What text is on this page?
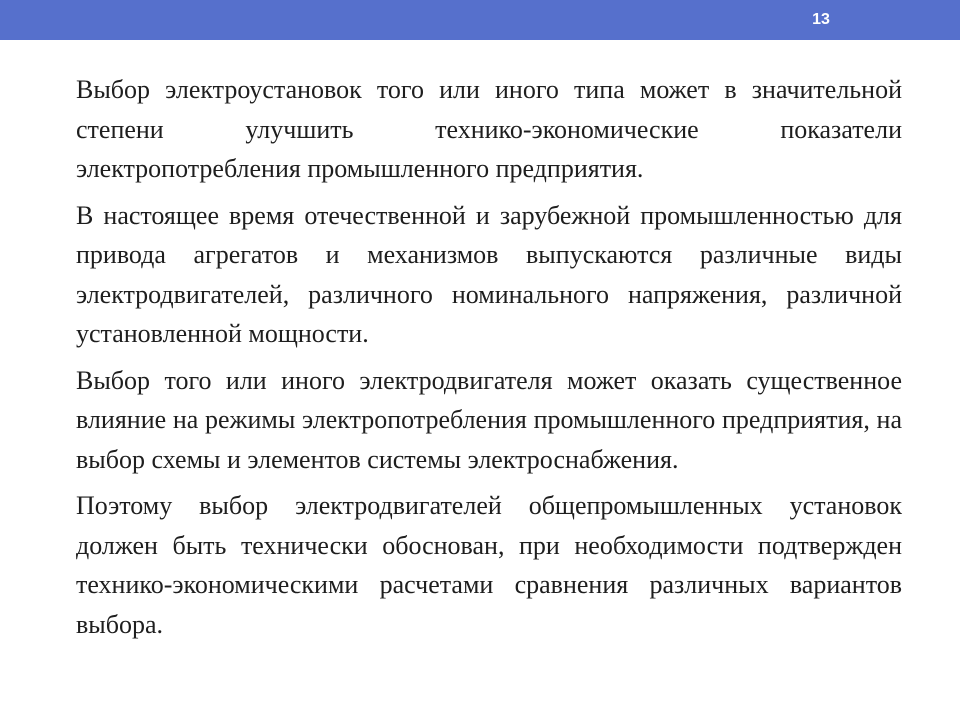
13

Выбор электроустановок того или иного типа может в значительной степени улучшить технико-экономические показатели электропотребления промышленного предприятия.

В настоящее время отечественной и зарубежной промышленностью для привода агрегатов и механизмов выпускаются различные виды электродвигателей, различного номинального напряжения, различной установленной мощности.

Выбор того или иного электродвигателя может оказать существенное влияние на режимы электропотребления промышленного предприятия, на выбор схемы и элементов системы электроснабжения.

Поэтому выбор электродвигателей общепромышленных установок должен быть технически обоснован, при необходимости подтвержден технико-экономическими расчетами сравнения различных вариантов выбора.
